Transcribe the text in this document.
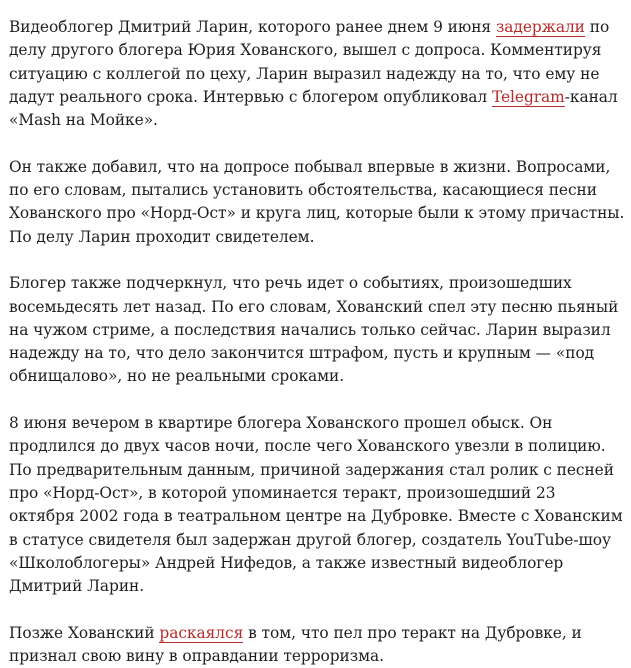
Видеоблогер Дмитрий Ларин, которого ранее днем 9 июня задержали по делу другого блогера Юрия Хованского, вышел с допроса. Комментируя ситуацию с коллегой по цеху, Ларин выразил надежду на то, что ему не дадут реального срока. Интервью с блогером опубликовал Telegram-канал «Mash на Мойке».

Он также добавил, что на допросе побывал впервые в жизни. Вопросами, по его словам, пытались установить обстоятельства, касающиеся песни Хованского про «Норд-Ост» и круга лиц, которые были к этому причастны. По делу Ларин проходит свидетелем.

Блогер также подчеркнул, что речь идет о событиях, произошедших восемьдесять лет назад. По его словам, Хованский спел эту песню пьяный на чужом стриме, а последствия начались только сейчас. Ларин выразил надежду на то, что дело закончится штрафом, пусть и крупным — «под обнищалово», но не реальными сроками.

8 июня вечером в квартире блогера Хованского прошел обыск. Он продлился до двух часов ночи, после чего Хованского увезли в полицию. По предварительным данным, причиной задержания стал ролик с песней про «Норд-Ост», в которой упоминается теракт, произошедший 23 октября 2002 года в театральном центре на Дубровке. Вместе с Хованским в статусе свидетеля был задержан другой блогер, создатель YouTube-шоу «Школоблогеры» Андрей Нифедов, а также известный видеоблогер Дмитрий Ларин.

Позже Хованский раскаялся в том, что пел про теракт на Дубровке, и признал свою вину в оправдании терроризма.
